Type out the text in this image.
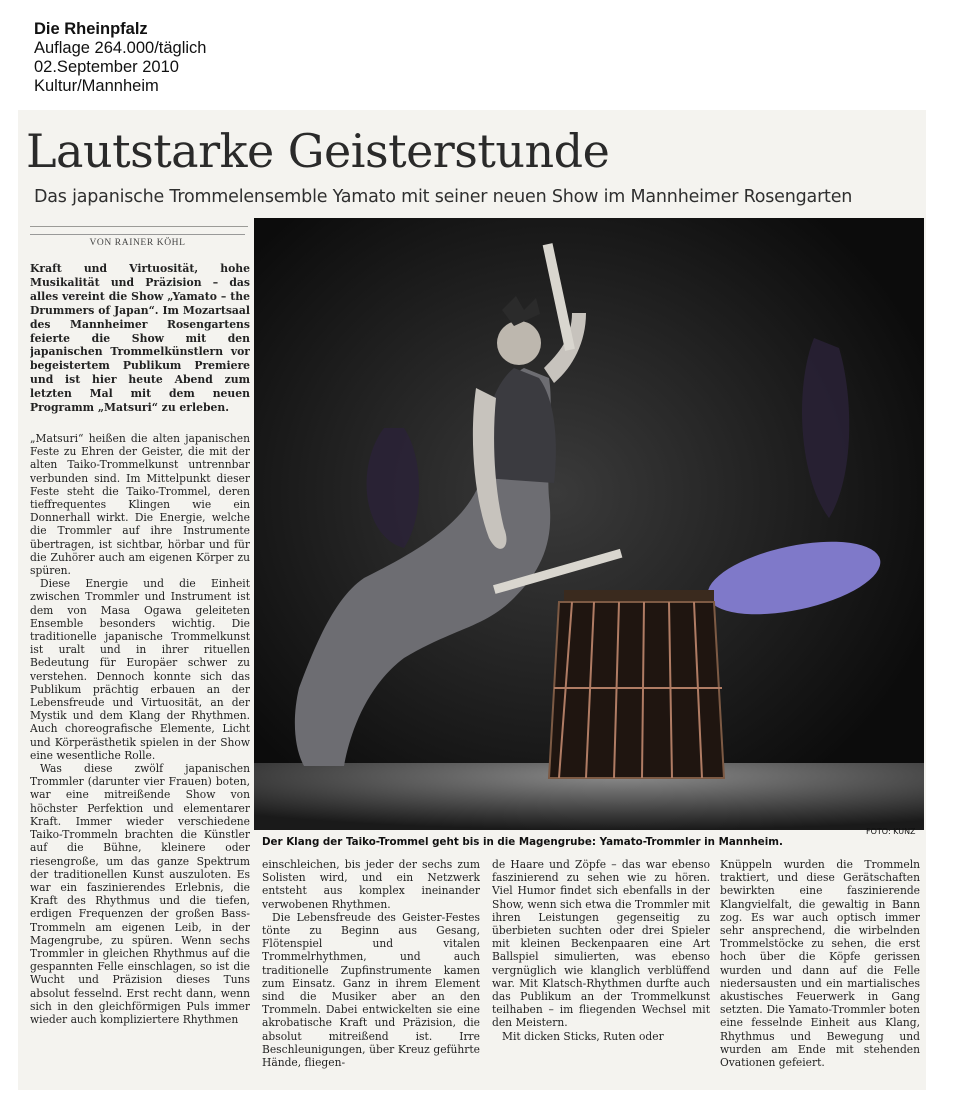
Die Rheinpfalz
Auflage 264.000/täglich
02.September 2010
Kultur/Mannheim
Lautstarke Geisterstunde
Das japanische Trommelensemble Yamato mit seiner neuen Show im Mannheimer Rosengarten
VON RAINER KÖHL

Kraft und Virtuosität, hohe Musikalität und Präzision – das alles vereint die Show „Yamato – the Drummers of Japan“. Im Mozartsaal des Mannheimer Rosengartens feierte die Show mit den japanischen Trommelkünstlern vor begeistertem Publikum Premiere und ist hier heute Abend zum letzten Mal mit dem neuen Programm „Matsuri“ zu erleben.

„Matsuri“ heißen die alten japanischen Feste zu Ehren der Geister, die mit der alten Taiko-Trommelkunst untrennbar verbunden sind. Im Mittelpunkt dieser Feste steht die Taiko-Trommel, deren tieffrequentes Klingen wie ein Donnerhall wirkt. Die Energie, welche die Trommler auf ihre Instrumente übertragen, ist sichtbar, hörbar und für die Zuhörer auch am eigenen Körper zu spüren.

Diese Energie und die Einheit zwischen Trommler und Instrument ist dem von Masa Ogawa geleiteten Ensemble besonders wichtig. Die traditionelle japanische Trommelkunst ist uralt und in ihrer rituellen Bedeutung für Europäer schwer zu verstehen. Dennoch konnte sich das Publikum prächtig erbauen an der Lebensfreude und Virtuosität, an der Mystik und dem Klang der Rhythmen. Auch choreografische Elemente, Licht und Körperästhetik spielen in der Show eine wesentliche Rolle.

Was diese zwölf japanischen Trommler (darunter vier Frauen) boten, war eine mitreißende Show von höchster Perfektion und elementarer Kraft. Immer wieder verschiedene Taiko-Trommeln brachten die Künstler auf die Bühne, kleinere oder riesengroße, um das ganze Spektrum der traditionellen Kunst auszuloten. Es war ein faszinierendes Erlebnis, die Kraft des Rhythmus und die tiefen, erdigen Frequenzen der großen Bass-Trommeln am eigenen Leib, in der Magengrube, zu spüren. Wenn sechs Trommler in gleichen Rhythmus auf die gespannten Felle einschlagen, so ist die Wucht und Präzision dieses Tuns absolut fesselnd. Erst recht dann, wenn sich in den gleichförmigen Puls immer wieder auch kompliziertere Rhythmen

Der Klang der Taiko-Trommel geht bis in die Magengrube: Yamato-Trommler in Mannheim.
FOTO: KUNZ

einschleichen, bis jeder der sechs zum Solisten wird, und ein Netzwerk entsteht aus komplex ineinander verwobenen Rhythmen.

Die Lebensfreude des Geister-Festes tönte zu Beginn aus Gesang, Flötenspiel und vitalen Trommelrhythmen, und auch traditionelle Zupfinstrumente kamen zum Einsatz. Ganz in ihrem Element sind die Musiker aber an den Trommeln. Dabei entwickelten sie eine akrobatische Kraft und Präzision, die absolut mitreißend ist. Irre Beschleunigungen, über Kreuz geführte Hände, fliegen-

de Haare und Zöpfe – das war ebenso faszinierend zu sehen wie zu hören. Viel Humor findet sich ebenfalls in der Show, wenn sich etwa die Trommler mit ihren Leistungen gegenseitig zu überbieten suchten oder drei Spieler mit kleinen Beckenpaaren eine Art Ballspiel simulierten, was ebenso vergnüglich wie klanglich verblüffend war. Mit Klatsch-Rhythmen durfte auch das Publikum an der Trommelkunst teilhaben – im fliegenden Wechsel mit den Meistern.

Mit dicken Sticks, Ruten oder

Knüppeln wurden die Trommeln traktiert, und diese Gerätschaften bewirkten eine faszinierende Klangvielfalt, die gewaltig in Bann zog. Es war auch optisch immer sehr ansprechend, die wirbelnden Trommelstöcke zu sehen, die erst hoch über die Köpfe gerissen wurden und dann auf die Felle niedersausten und ein martialisches akustisches Feuerwerk in Gang setzten. Die Yamato-Trommler boten eine fesselnde Einheit aus Klang, Rhythmus und Bewegung und wurden am Ende mit stehenden Ovationen gefeiert.
